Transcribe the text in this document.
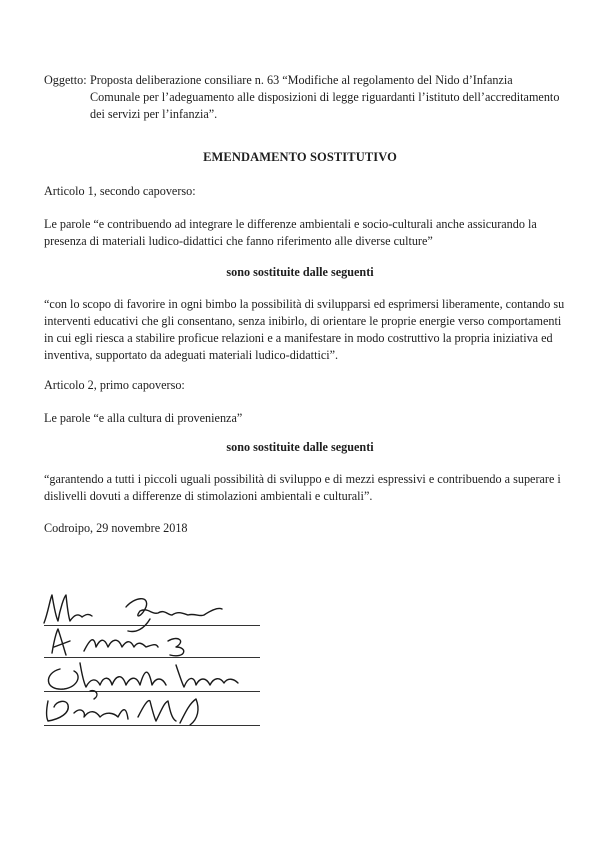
Oggetto: Proposta deliberazione consiliare n. 63 “Modifiche al regolamento del Nido d’Infanzia Comunale per l’adeguamento alle disposizioni di legge riguardanti l’istituto dell’accreditamento dei servizi per l’infanzia”.
EMENDAMENTO SOSTITUTIVO
Articolo 1, secondo capoverso:
Le parole “e contribuendo ad integrare le differenze ambientali e socio-culturali anche assicurando la presenza di materiali ludico-didattici che fanno riferimento alle diverse culture”
sono sostituite dalle seguenti
“con lo scopo di favorire in ogni bimbo la possibilità di svilupparsi ed esprimersi liberamente, contando su interventi educativi che gli consentano, senza inibirlo, di orientare le proprie energie verso comportamenti in cui egli riesca a stabilire proficue relazioni e a manifestare in modo costruttivo la propria iniziativa ed inventiva, supportato da adeguati materiali ludico-didattici”.
Articolo 2, primo capoverso:
Le parole “e alla cultura di provenienza”
sono sostituite dalle seguenti
“garantendo a tutti i piccoli uguali possibilità di sviluppo e di mezzi espressivi e contribuendo a superare i dislivelli dovuti a differenze di stimolazioni ambientali e culturali”.
Codroipo, 29 novembre 2018
